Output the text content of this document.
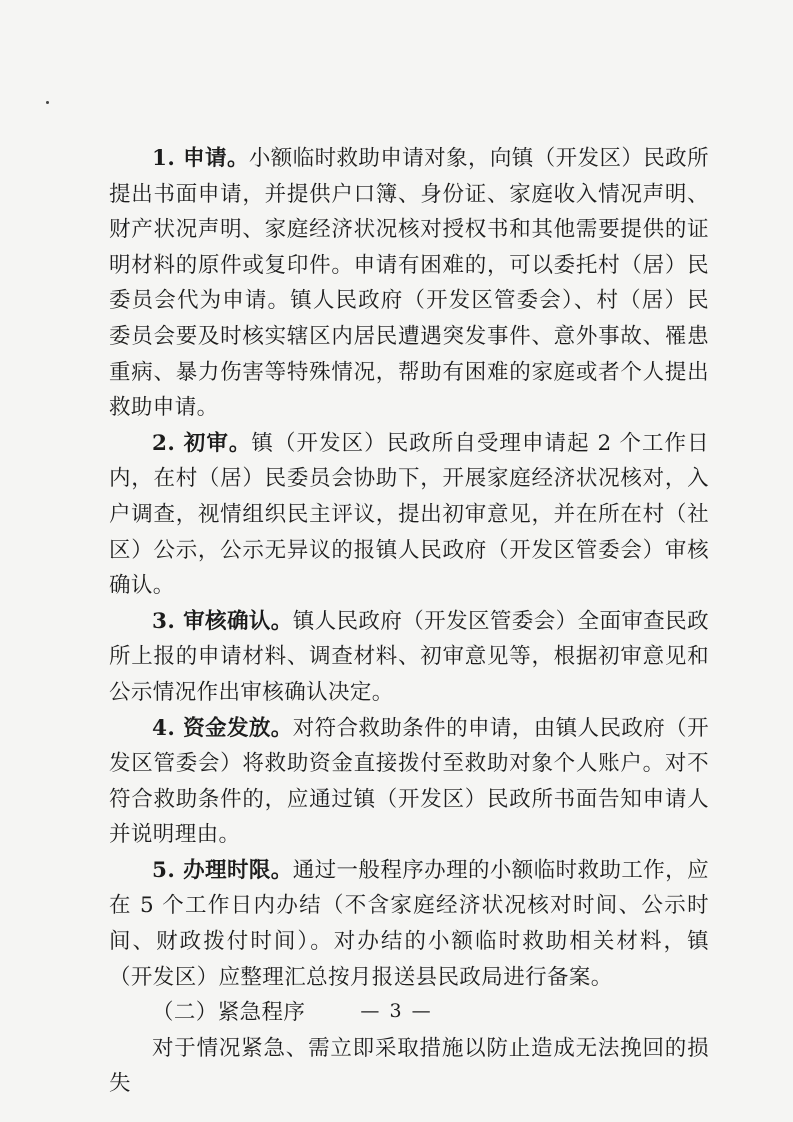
1. 申请。小额临时救助申请对象，向镇（开发区）民政所提出书面申请，并提供户口簿、身份证、家庭收入情况声明、财产状况声明、家庭经济状况核对授权书和其他需要提供的证明材料的原件或复印件。申请有困难的，可以委托村（居）民委员会代为申请。镇人民政府（开发区管委会）、村（居）民委员会要及时核实辖区内居民遭遇突发事件、意外事故、罹患重病、暴力伤害等特殊情况，帮助有困难的家庭或者个人提出救助申请。

2. 初审。镇（开发区）民政所自受理申请起 2 个工作日内，在村（居）民委员会协助下，开展家庭经济状况核对，入户调查，视情组织民主评议，提出初审意见，并在所在村（社区）公示，公示无异议的报镇人民政府（开发区管委会）审核确认。

3. 审核确认。镇人民政府（开发区管委会）全面审查民政所上报的申请材料、调查材料、初审意见等，根据初审意见和公示情况作出审核确认决定。

4. 资金发放。对符合救助条件的申请，由镇人民政府（开发区管委会）将救助资金直接拨付至救助对象个人账户。对不符合救助条件的，应通过镇（开发区）民政所书面告知申请人并说明理由。

5. 办理时限。通过一般程序办理的小额临时救助工作，应在 5 个工作日内办结（不含家庭经济状况核对时间、公示时间、财政拨付时间）。对办结的小额临时救助相关材料，镇（开发区）应整理汇总按月报送县民政局进行备案。

（二）紧急程序

对于情况紧急、需立即采取措施以防止造成无法挽回的损失

— 3 —
